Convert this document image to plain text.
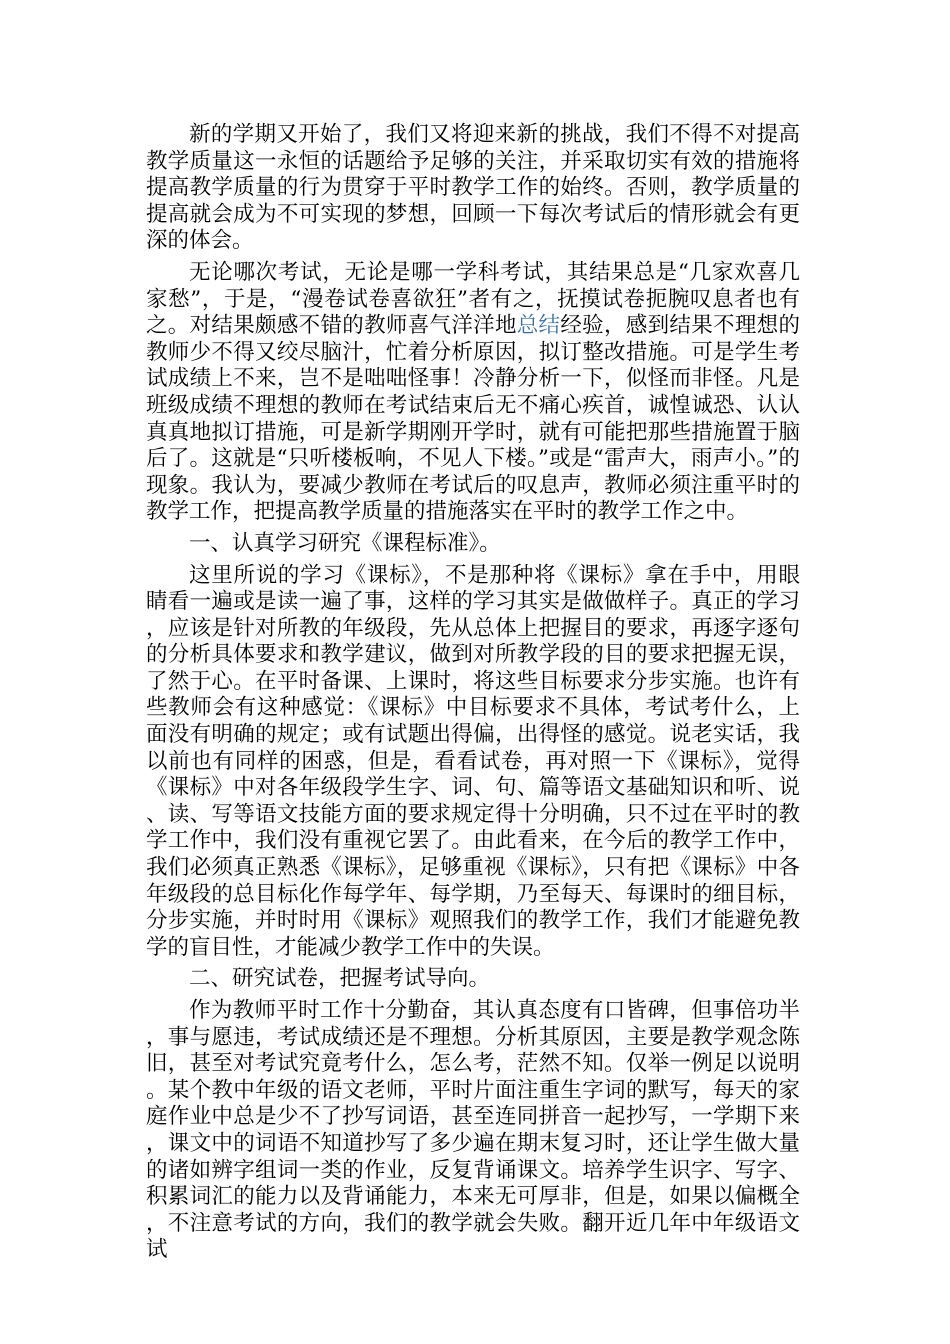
新的学期又开始了，我们又将迎来新的挑战，我们不得不对提高教学质量这一永恒的话题给予足够的关注，并采取切实有效的措施将提高教学质量的行为贯穿于平时教学工作的始终。否则，教学质量的提高就会成为不可实现的梦想，回顾一下每次考试后的情形就会有更深的体会。

无论哪次考试，无论是哪一学科考试，其结果总是“几家欢喜几家愁”，于是，“漫卷试卷喜欲狂”者有之，抚摸试卷扼腕叹息者也有之。对结果颇感不错的教师喜气洋洋地总结经验，感到结果不理想的教师少不得又绞尽脑汁，忙着分析原因，拟订整改措施。可是学生考试成绩上不来，岂不是咄咄怪事！冷静分析一下，似怪而非怪。凡是班级成绩不理想的教师在考试结束后无不痛心疾首，诚惶诚恐、认认真真地拟订措施，可是新学期刚开学时，就有可能把那些措施置于脑后了。这就是“只听楼板响，不见人下楼。”或是“雷声大，雨声小。”的现象。我认为，要减少教师在考试后的叹息声，教师必须注重平时的教学工作，把提高教学质量的措施落实在平时的教学工作之中。

一、认真学习研究《课程标准》。

这里所说的学习《课标》，不是那种将《课标》拿在手中，用眼睛看一遍或是读一遍了事，这样的学习其实是做做样子。真正的学习，应该是针对所教的年级段，先从总体上把握目的要求，再逐字逐句的分析具体要求和教学建议，做到对所教学段的目的要求把握无误，了然于心。在平时备课、上课时，将这些目标要求分步实施。也许有些教师会有这种感觉：《课标》中目标要求不具体，考试考什么，上面没有明确的规定；或有试题出得偏，出得怪的感觉。说老实话，我以前也有同样的困惑，但是，看看试卷，再对照一下《课标》，觉得《课标》中对各年级段学生字、词、句、篇等语文基础知识和听、说、读、写等语文技能方面的要求规定得十分明确，只不过在平时的教学工作中，我们没有重视它罢了。由此看来，在今后的教学工作中，我们必须真正熟悉《课标》，足够重视《课标》，只有把《课标》中各年级段的总目标化作每学年、每学期，乃至每天、每课时的细目标，分步实施，并时时用《课标》观照我们的教学工作，我们才能避免教学的盲目性，才能减少教学工作中的失误。

二、研究试卷，把握考试导向。

作为教师平时工作十分勤奋，其认真态度有口皆碑，但事倍功半，事与愿违，考试成绩还是不理想。分析其原因，主要是教学观念陈旧，甚至对考试究竟考什么，怎么考，茫然不知。仅举一例足以说明。某个教中年级的语文老师，平时片面注重生字词的默写，每天的家庭作业中总是少不了抄写词语，甚至连同拼音一起抄写，一学期下来，课文中的词语不知道抄写了多少遍在期末复习时，还让学生做大量的诸如辨字组词一类的作业，反复背诵课文。培养学生识字、写字、积累词汇的能力以及背诵能力，本来无可厚非，但是，如果以偏概全，不注意考试的方向，我们的教学就会失败。翻开近几年中年级语文试
